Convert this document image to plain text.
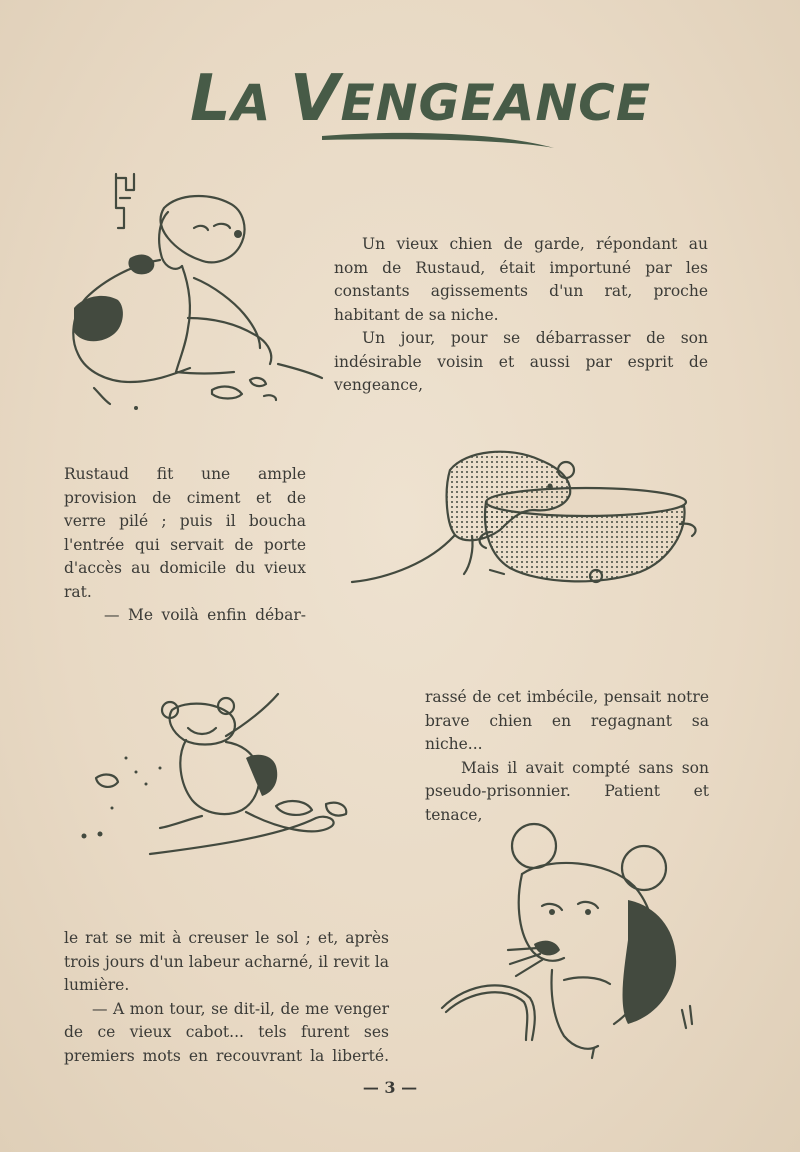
LA VENGEANCE

Un vieux chien de garde, répondant au nom de Rustaud, était importuné par les constants agissements d'un rat, proche habitant de sa niche.

Un jour, pour se débarrasser de son indésirable voisin et aussi par esprit de vengeance,

Rustaud fit une ample provision de ciment et de verre pilé ; puis il boucha l'entrée qui servait de porte d'accès au domicile du vieux rat.

— Me voilà enfin débar-

rassé de cet imbécile, pensait notre brave chien en regagnant sa niche...

Mais il avait compté sans son pseudo-prisonnier. Patient et tenace,

le rat se mit à creuser le sol ; et, après trois jours d'un labeur acharné, il revit la lumière.

— A mon tour, se dit-il, de me venger de ce vieux cabot... tels furent ses premiers mots en recouvrant la liberté.

— 3 —
